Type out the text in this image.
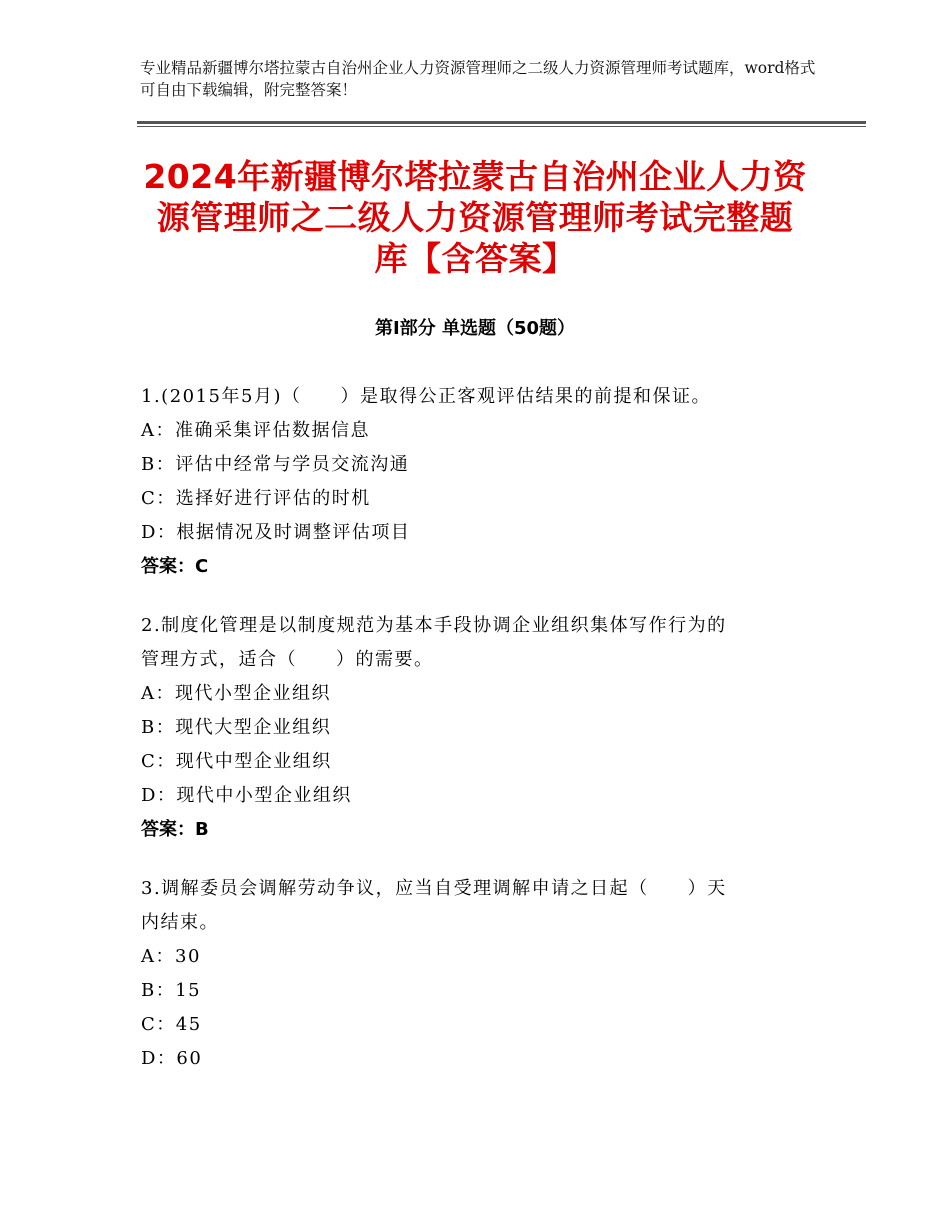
专业精品新疆博尔塔拉蒙古自治州企业人力资源管理师之二级人力资源管理师考试题库，word格式可自由下载编辑，附完整答案！
2024年新疆博尔塔拉蒙古自治州企业人力资
源管理师之二级人力资源管理师考试完整题
库【含答案】
第Ⅰ部分 单选题（50题）
1.(2015年5月)（　　）是取得公正客观评估结果的前提和保证。
A：准确采集评估数据信息
B：评估中经常与学员交流沟通
C：选择好进行评估的时机
D：根据情况及时调整评估项目
答案：C
2.制度化管理是以制度规范为基本手段协调企业组织集体写作行为的
管理方式，适合（　　）的需要。
A：现代小型企业组织
B：现代大型企业组织
C：现代中型企业组织
D：现代中小型企业组织
答案：B
3.调解委员会调解劳动争议，应当自受理调解申请之日起（　　）天
内结束。
A：30
B：15
C：45
D：60
